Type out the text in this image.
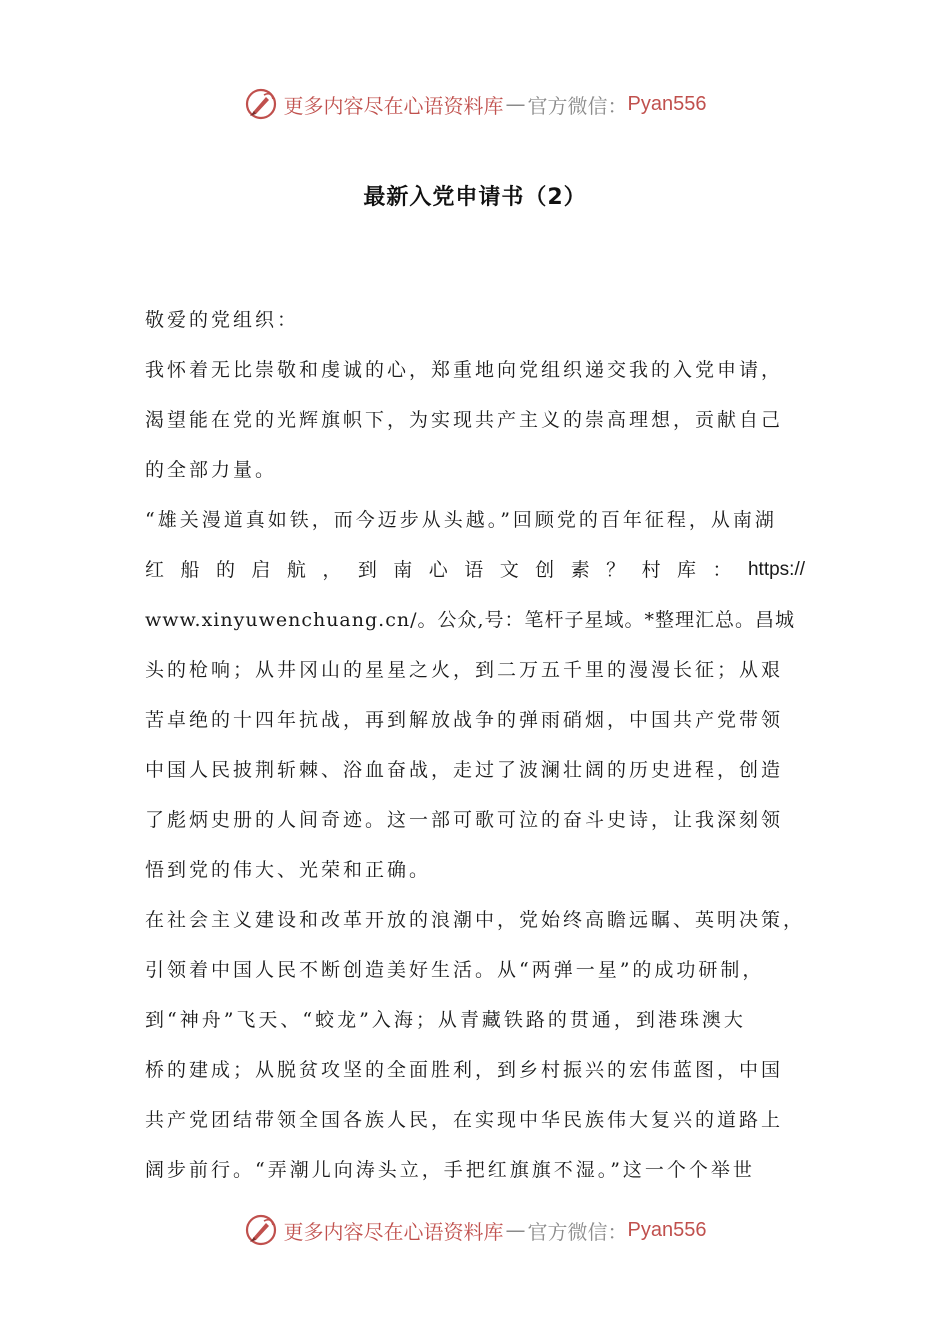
更多内容尽在心语资料库 — 官方微信： Pyan556
最新入党申请书（2）
敬爱的党组织：
我怀着无比崇敬和虔诚的心，郑重地向党组织递交我的入党申请，
渴望能在党的光辉旗帜下，为实现共产主义的崇高理想，贡献自己
的全部力量。
“雄关漫道真如铁，而今迈步从头越。”回顾党的百年征程，从南湖
红 船 的 启 航 ， 到 南 心 语 文 创 素 ？ 村 库 ： https://
www.xinyuwenchuang.cn/。公众,号：笔杆子星域。*整理汇总。昌城
头的枪响；从井冈山的星星之火，到二万五千里的漫漫长征；从艰
苦卓绝的十四年抗战，再到解放战争的弹雨硝烟，中国共产党带领
中国人民披荆斩棘、浴血奋战，走过了波澜壮阔的历史进程，创造
了彪炳史册的人间奇迹。这一部可歌可泣的奋斗史诗，让我深刻领
悟到党的伟大、光荣和正确。
在社会主义建设和改革开放的浪潮中，党始终高瞻远瞩、英明决策，
引领着中国人民不断创造美好生活。从“两弹一星”的成功研制，
到“神舟”飞天、“蛟龙”入海；从青藏铁路的贯通，到港珠澳大
桥的建成；从脱贫攻坚的全面胜利，到乡村振兴的宏伟蓝图，中国
共产党团结带领全国各族人民，在实现中华民族伟大复兴的道路上
阔步前行。“弄潮儿向涛头立，手把红旗旗不湿。”这一个个举世
更多内容尽在心语资料库 — 官方微信： Pyan556
